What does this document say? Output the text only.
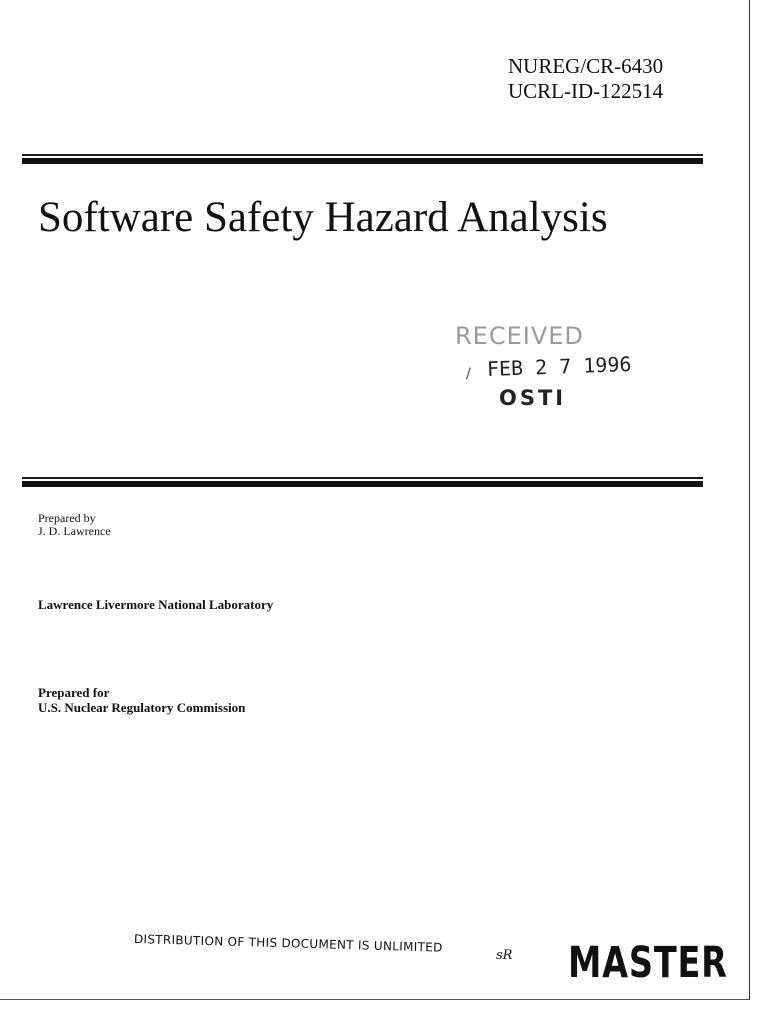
NUREG/CR-6430
UCRL-ID-122514
Software Safety Hazard Analysis
RECEIVED
/ FEB 2 7 1996
OSTI
Prepared by
J. D. Lawrence
Lawrence Livermore National Laboratory
Prepared for
U.S. Nuclear Regulatory Commission
DISTRIBUTION OF THIS DOCUMENT IS UNLIMITED
sR MASTER
